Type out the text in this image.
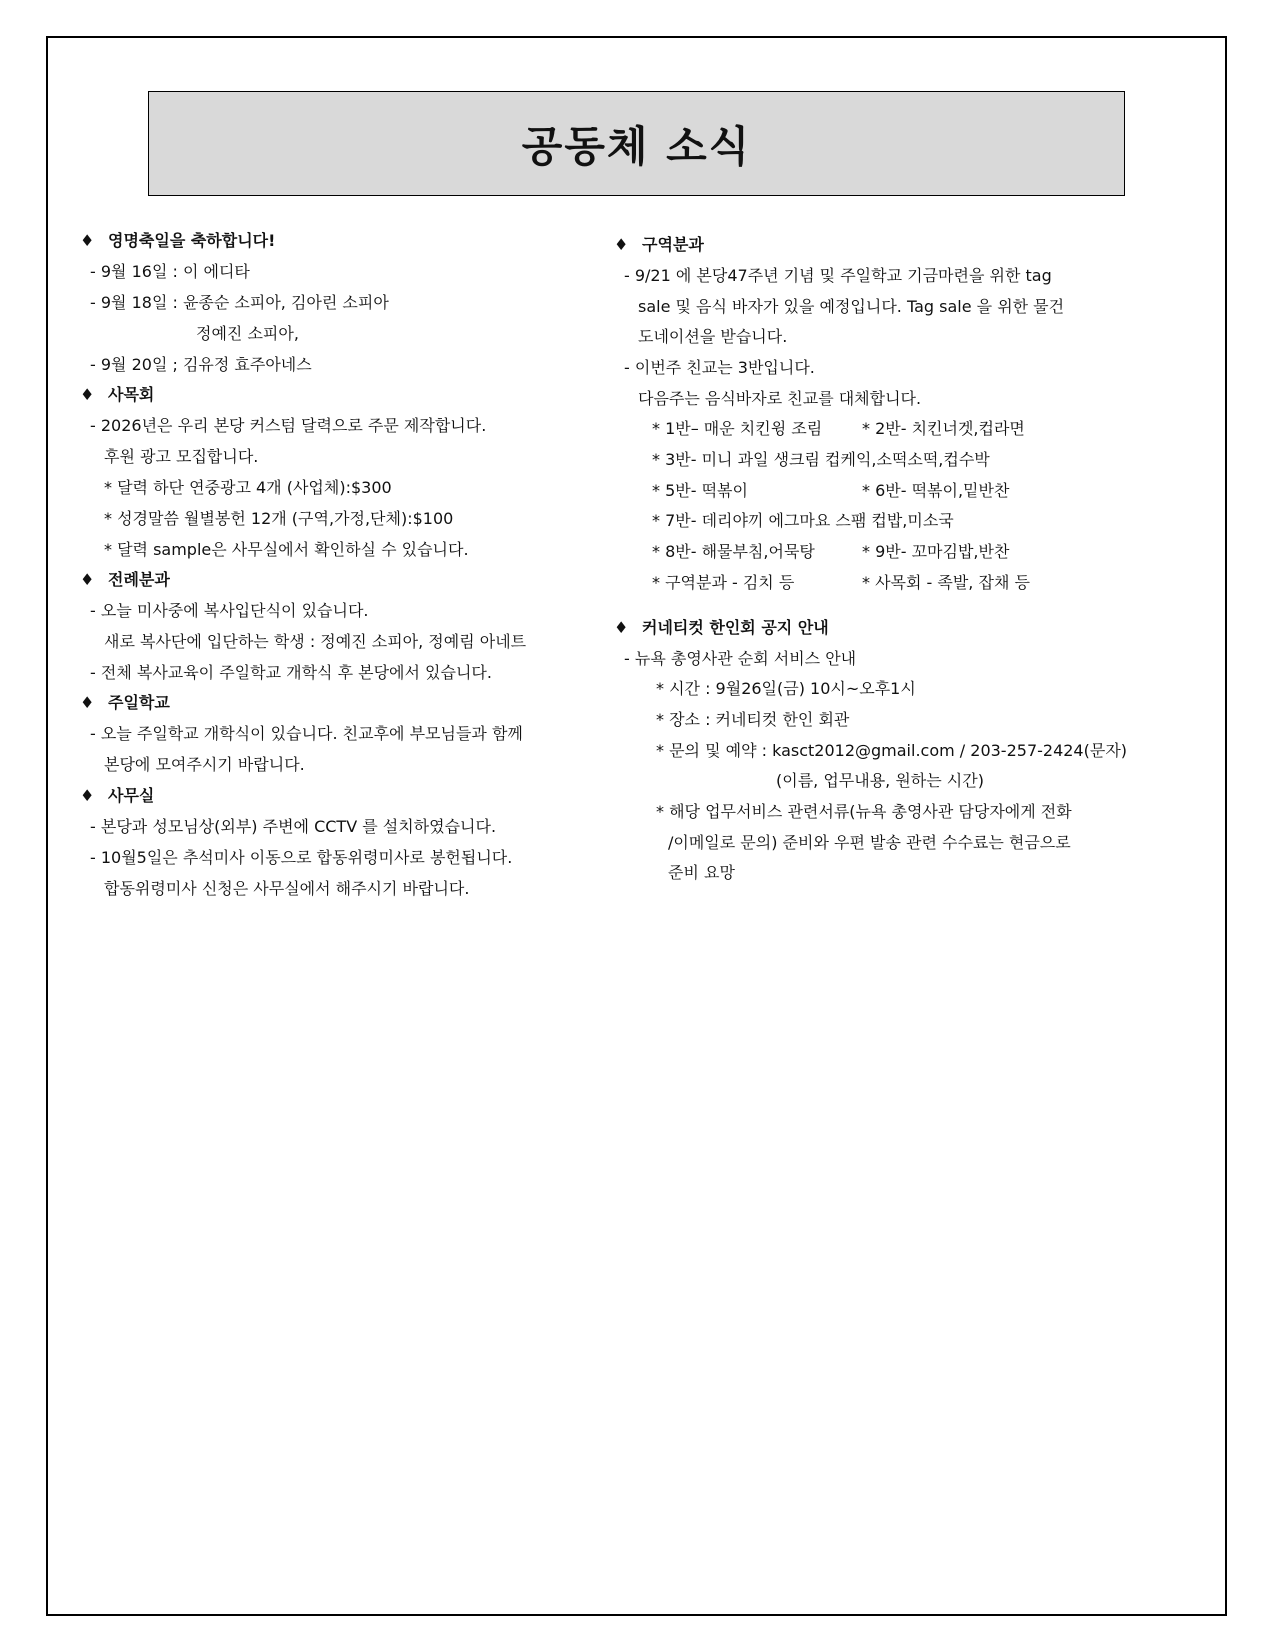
공동체 소식
♦ 영명축일을 축하합니다!
- 9월 16일 : 이 에디타
- 9월 18일 : 윤종순 소피아, 김아린 소피아
정예진 소피아,
- 9월 20일 ; 김유정 효주아네스
♦ 사목회
- 2026년은 우리 본당 커스텀 달력으로 주문 제작합니다.
후원 광고 모집합니다.
* 달력 하단 연중광고 4개 (사업체):$300
* 성경말씀 월별봉헌 12개 (구역,가정,단체):$100
* 달력 sample은 사무실에서 확인하실 수 있습니다.
♦ 전례분과
- 오늘 미사중에 복사입단식이 있습니다.
새로 복사단에 입단하는 학생 : 정예진 소피아, 정예림 아네트
- 전체 복사교육이 주일학교 개학식 후 본당에서 있습니다.
♦ 주일학교
- 오늘 주일학교 개학식이 있습니다. 친교후에 부모님들과 함께
본당에 모여주시기 바랍니다.
♦ 사무실
- 본당과 성모님상(외부) 주변에 CCTV 를 설치하였습니다.
- 10월5일은 추석미사 이동으로 합동위령미사로 봉헌됩니다.
합동위령미사 신청은 사무실에서 해주시기 바랍니다.
♦ 구역분과
- 9/21 에 본당47주년 기념 및 주일학교 기금마련을 위한 tag
sale 및 음식 바자가 있을 예정입니다. Tag sale 을 위한 물건
도네이션을 받습니다.
- 이번주 친교는 3반입니다.
다음주는 음식바자로 친교를 대체합니다.
* 1반– 매운 치킨윙 조림 * 2반- 치킨너겟,컵라면
* 3반- 미니 과일 생크림 컵케익,소떡소떡,컵수박
* 5반- 떡볶이	* 6반- 떡볶이,밑반찬
* 7반- 데리야끼 에그마요 스팸 컵밥,미소국
* 8반- 해물부침,어묵탕	* 9반- 꼬마김밥,반찬
* 구역분과 - 김치 등	* 사목회 - 족발, 잡채 등
♦ 커네티컷 한인회 공지 안내
- 뉴욕 총영사관 순회 서비스 안내
* 시간 : 9월26일(금) 10시~오후1시
* 장소 : 커네티컷 한인 회관
* 문의 및 예약 : kasct2012@gmail.com / 203-257-2424(문자)
(이름, 업무내용, 원하는 시간)
* 해당 업무서비스 관련서류(뉴욕 총영사관 담당자에게 전화
/이메일로 문의) 준비와 우편 발송 관련 수수료는 현금으로
준비 요망
